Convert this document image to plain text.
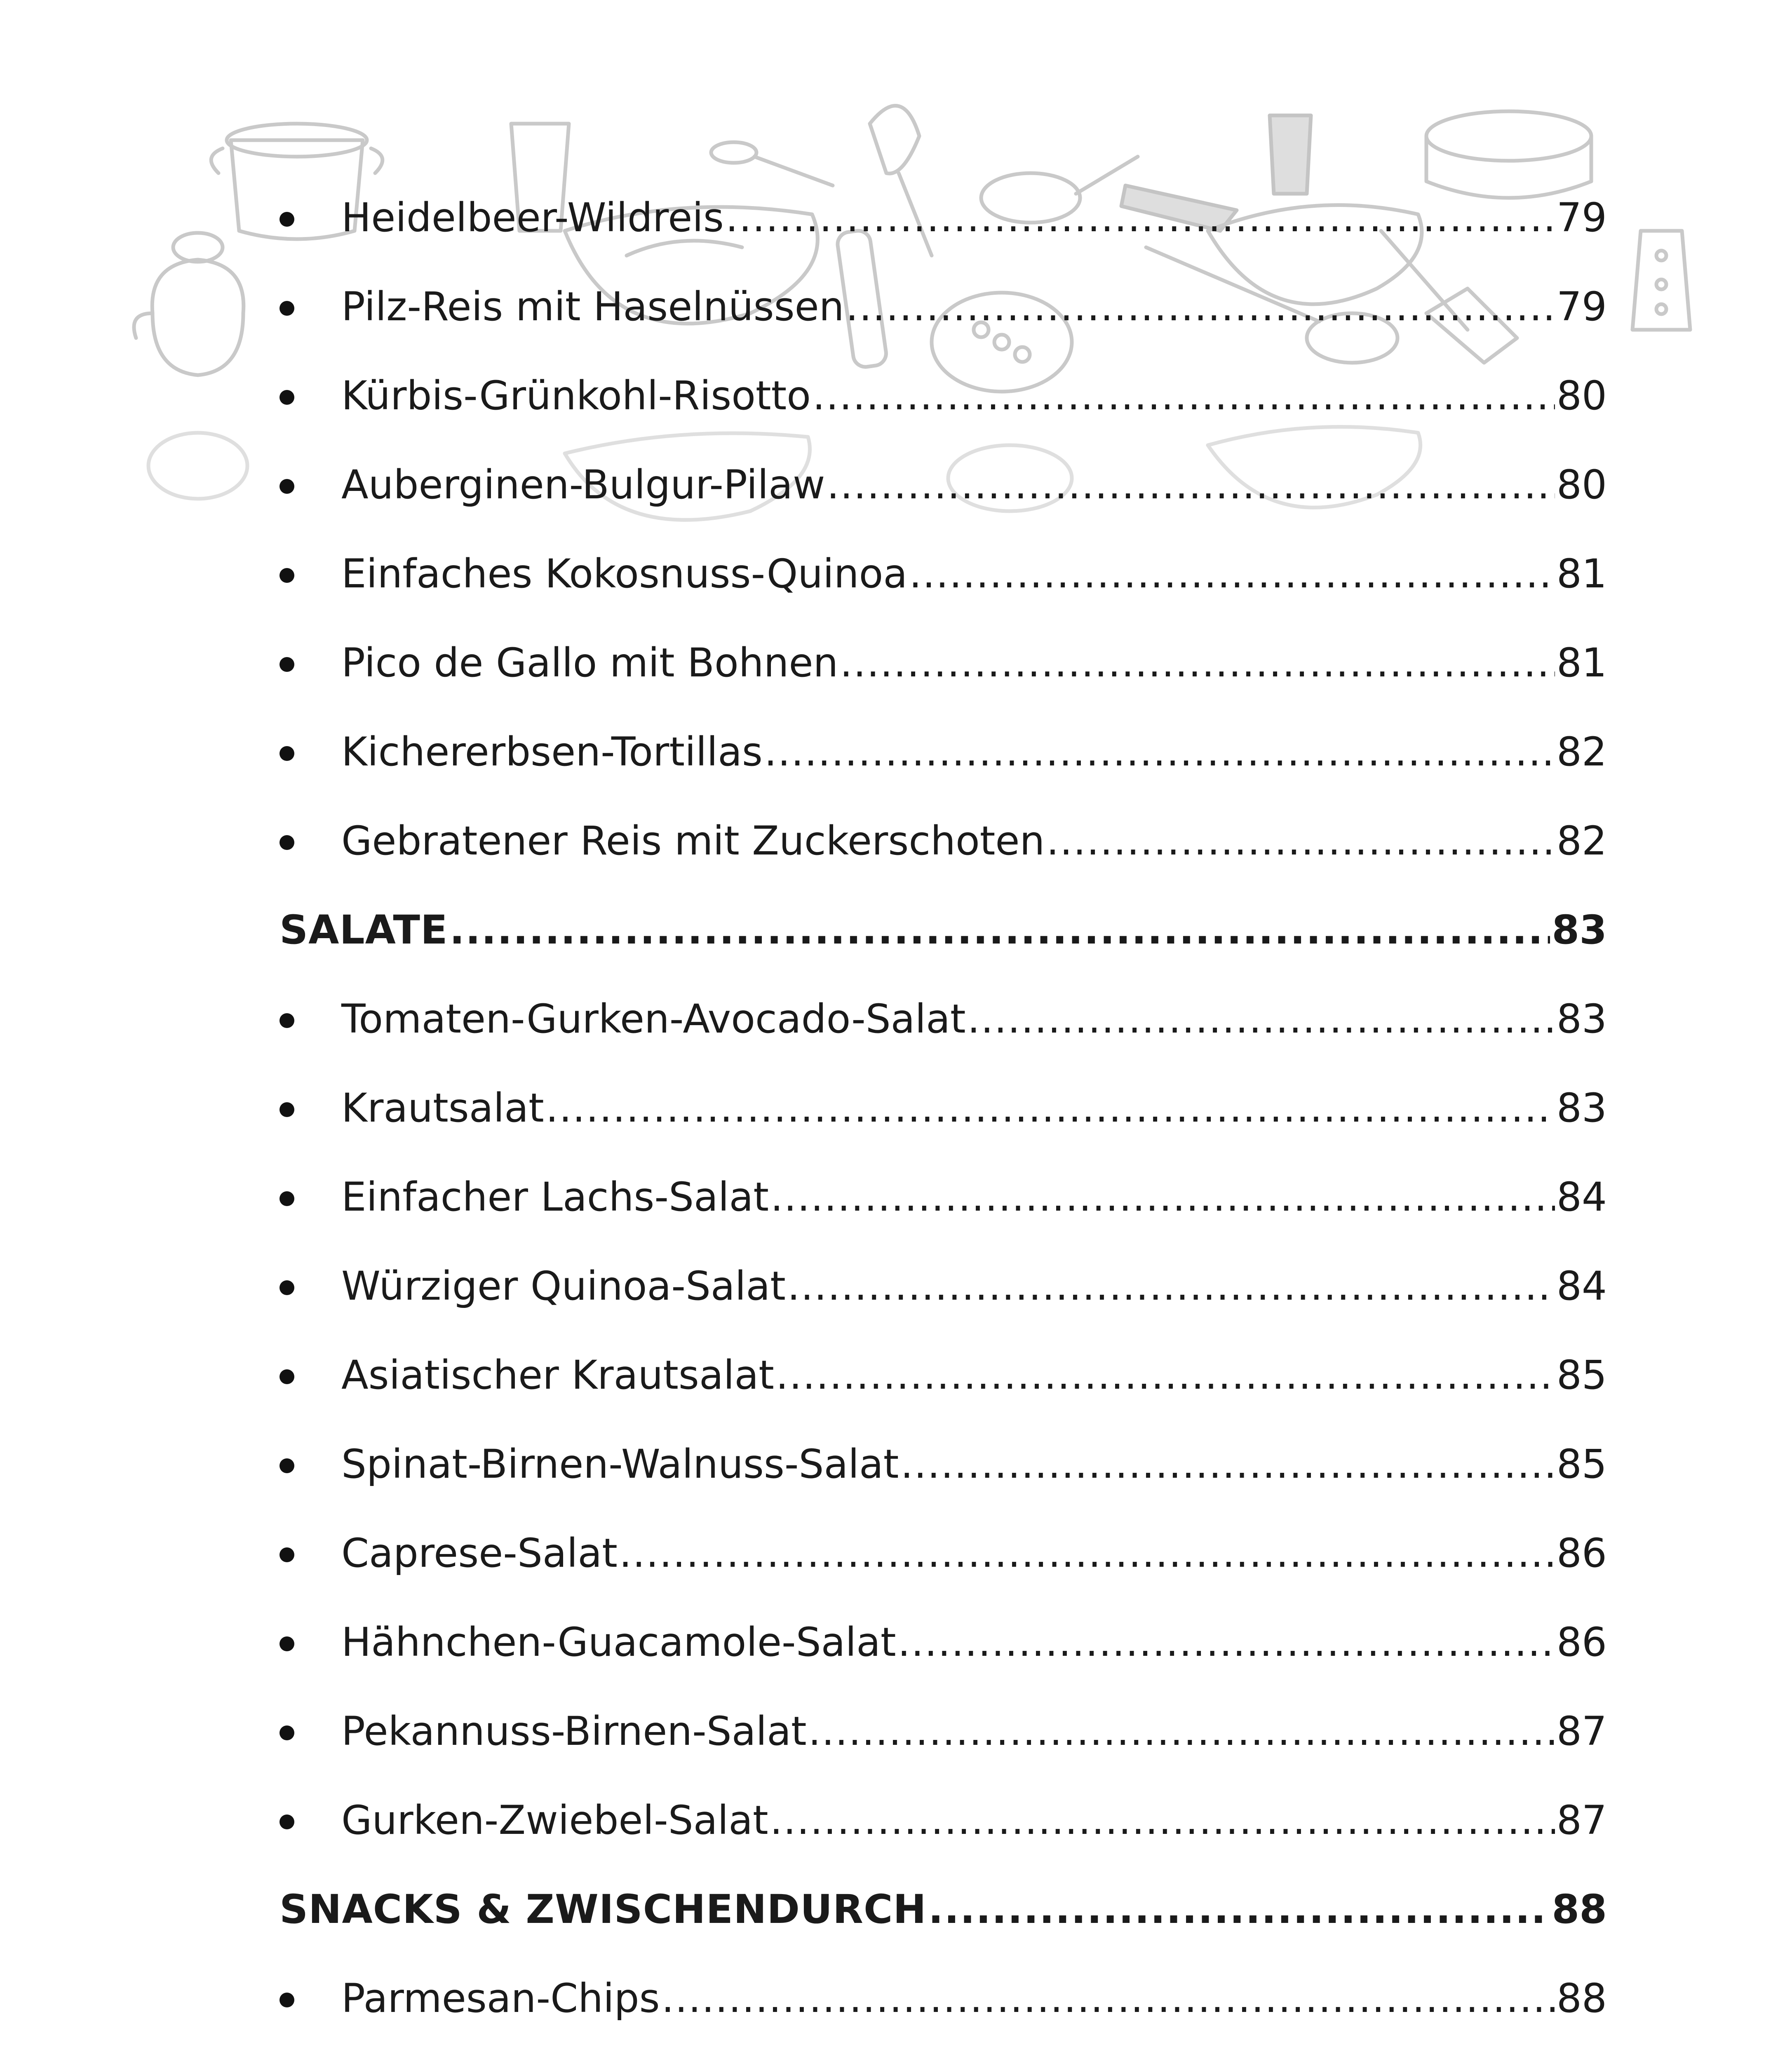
Heidelbeer-Wildreis .....	79
Pilz-Reis mit Haselnüssen .....	79
Kürbis-Grünkohl-Risotto .....	80
Auberginen-Bulgur-Pilaw .....	80
Einfaches Kokosnuss-Quinoa .....	81
Pico de Gallo mit Bohnen .....	81
Kichererbsen-Tortillas .....	82
Gebratener Reis mit Zuckerschoten .....	82
SALATE .....	83
Tomaten-Gurken-Avocado-Salat .....	83
Krautsalat .....	83
Einfacher Lachs-Salat .....	84
Würziger Quinoa-Salat .....	84
Asiatischer Krautsalat .....	85
Spinat-Birnen-Walnuss-Salat .....	85
Caprese-Salat .....	86
Hähnchen-Guacamole-Salat .....	86
Pekannuss-Birnen-Salat .....	87
Gurken-Zwiebel-Salat .....	87
SNACKS & ZWISCHENDURCH .....	88
Parmesan-Chips .....	88
